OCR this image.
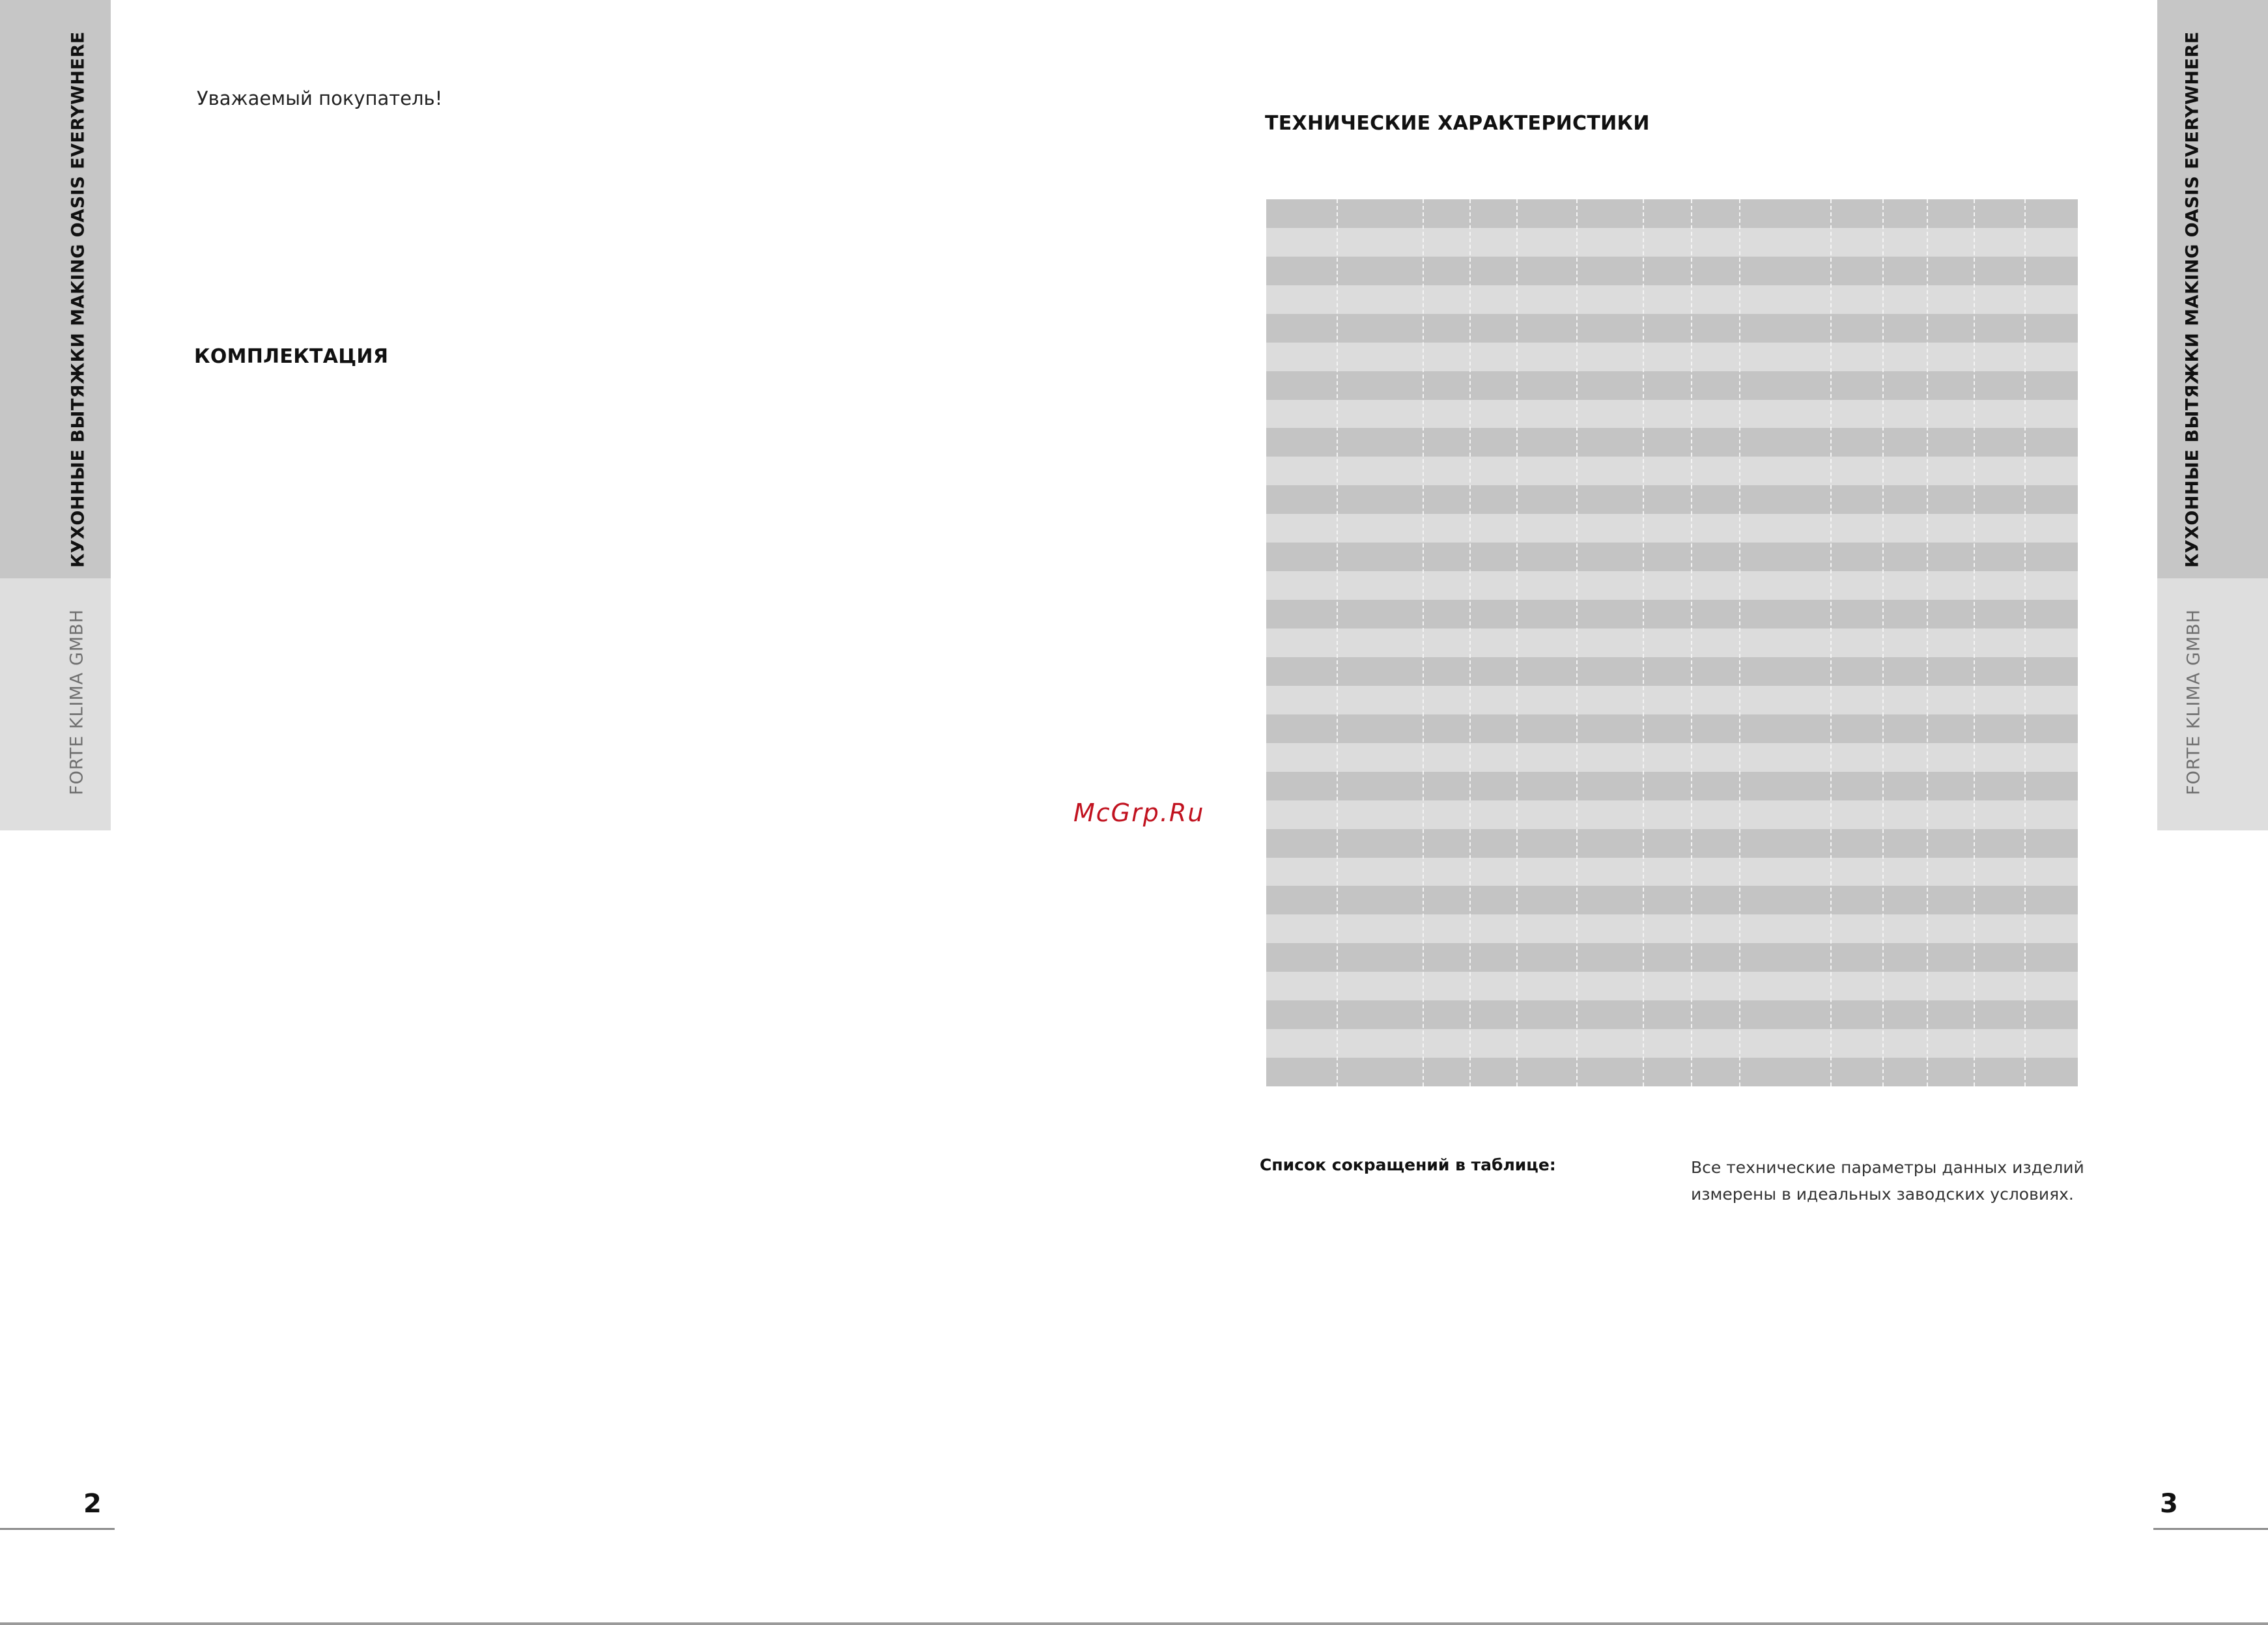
КУХОННЫЕ ВЫТЯЖКИ MAKING OASIS EVERYWHERE
FORTE KLIMA GMBH
КУХОННЫЕ ВЫТЯЖКИ MAKING OASIS EVERYWHERE
FORTE KLIMA GMBH
Уважаемый покупатель!
КОМПЛЕКТАЦИЯ
McGrp.Ru
ТЕХНИЧЕСКИЕ ХАРАКТЕРИСТИКИ
Список сокращений в таблице:	Все технические параметры данных изделий
измерены в идеальных заводских условиях.
2	3
